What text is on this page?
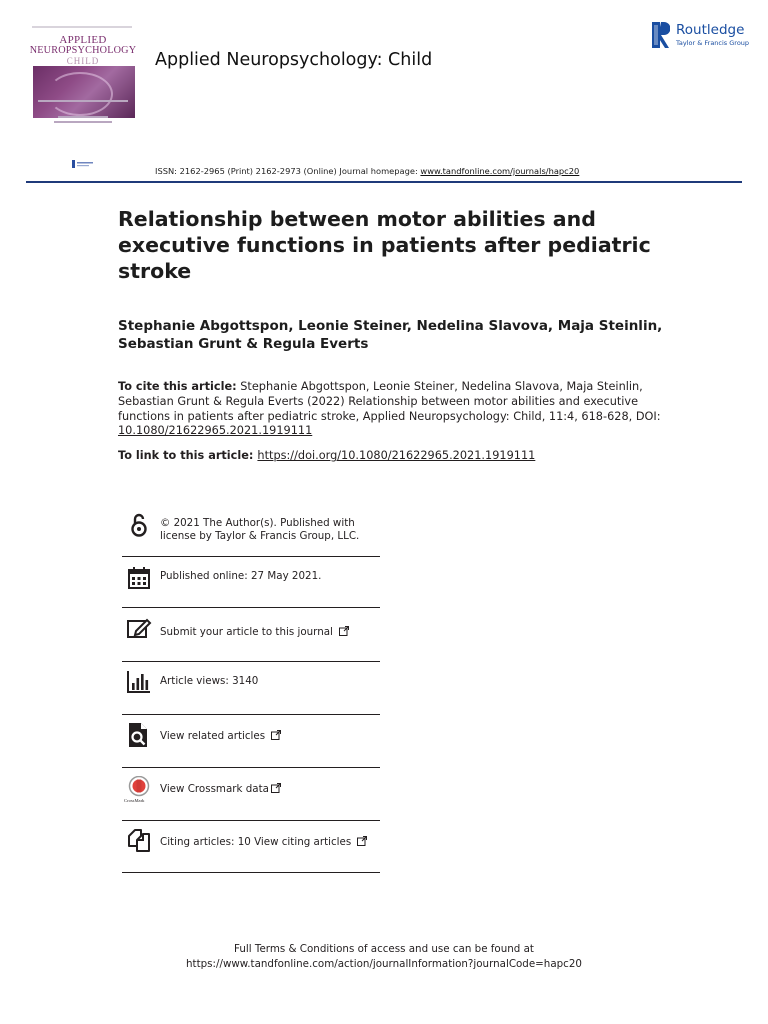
APPLIED
NEUROPSYCHOLOGY
CHILD	Applied Neuropsychology: Child
Routledge
Taylor & Francis Group
ISSN: 2162-2965 (Print) 2162-2973 (Online) Journal homepage: www.tandfonline.com/journals/hapc20
Relationship between motor abilities and executive functions in patients after pediatric stroke
Stephanie Abgottspon, Leonie Steiner, Nedelina Slavova, Maja Steinlin, Sebastian Grunt & Regula Everts
To cite this article: Stephanie Abgottspon, Leonie Steiner, Nedelina Slavova, Maja Steinlin, Sebastian Grunt & Regula Everts (2022) Relationship between motor abilities and executive functions in patients after pediatric stroke, Applied Neuropsychology: Child, 11:4, 618-628, DOI: 10.1080/21622965.2021.1919111
To link to this article: https://doi.org/10.1080/21622965.2021.1919111
© 2021 The Author(s). Published with license by Taylor & Francis Group, LLC.
Published online: 27 May 2021.
Submit your article to this journal
Article views: 3140
View related articles
CrossMark
View Crossmark data
Citing articles: 10 View citing articles
Full Terms & Conditions of access and use can be found at
https://www.tandfonline.com/action/journalInformation?journalCode=hapc20
